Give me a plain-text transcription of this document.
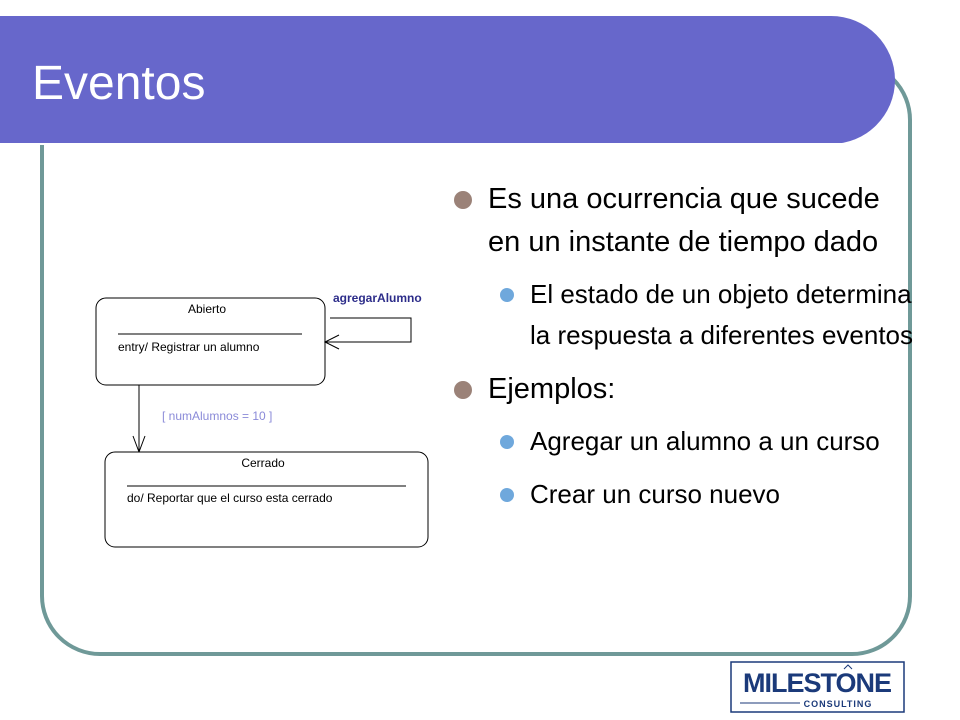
Eventos
Abierto
entry/ Registrar un alumno
agregarAlumno
[ numAlumnos = 10 ]
Cerrado
do/ Reportar que el curso esta cerrado
Es una ocurrencia que sucede en un instante de tiempo dado
El estado de un objeto determina la respuesta a diferentes eventos
Ejemplos:
Agregar un alumno a un curso
Crear un curso nuevo
MILESTONE
CONSULTING
